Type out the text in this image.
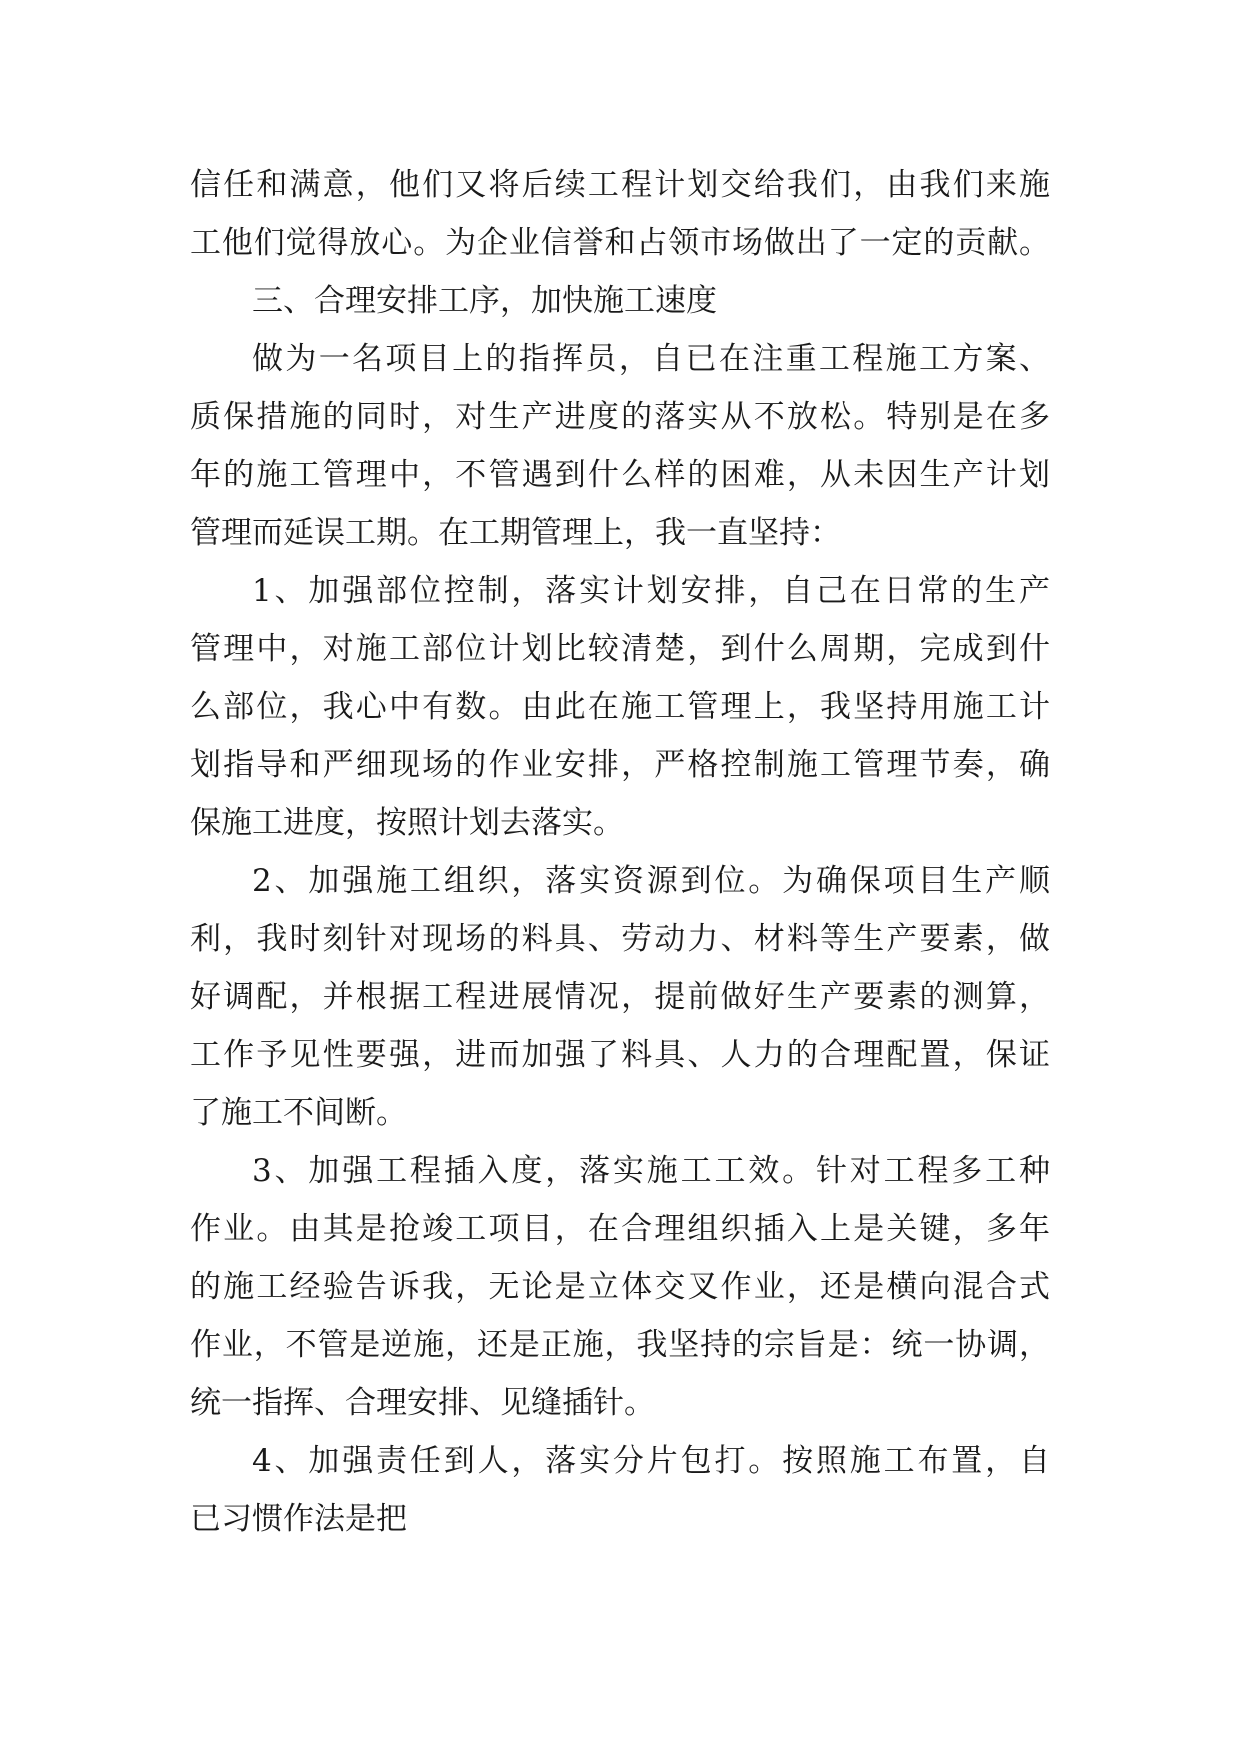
信任和满意，他们又将后续工程计划交给我们，由我们来施
工他们觉得放心。为企业信誉和占领市场做出了一定的贡献。
三、合理安排工序，加快施工速度
做为一名项目上的指挥员，自已在注重工程施工方案、
质保措施的同时，对生产进度的落实从不放松。特别是在多
年的施工管理中，不管遇到什么样的困难，从未因生产计划
管理而延误工期。在工期管理上，我一直坚持：
1、加强部位控制，落实计划安排，自己在日常的生产
管理中，对施工部位计划比较清楚，到什么周期，完成到什
么部位，我心中有数。由此在施工管理上，我坚持用施工计
划指导和严细现场的作业安排，严格控制施工管理节奏，确
保施工进度，按照计划去落实。
2、加强施工组织，落实资源到位。为确保项目生产顺
利，我时刻针对现场的料具、劳动力、材料等生产要素，做
好调配，并根据工程进展情况，提前做好生产要素的测算，
工作予见性要强，进而加强了料具、人力的合理配置，保证
了施工不间断。
3、加强工程插入度，落实施工工效。针对工程多工种
作业。由其是抢竣工项目，在合理组织插入上是关键，多年
的施工经验告诉我，无论是立体交叉作业，还是横向混合式
作业，不管是逆施，还是正施，我坚持的宗旨是：统一协调，
统一指挥、合理安排、见缝插针。
4、加强责任到人，落实分片包打。按照施工布置，自
已习惯作法是把
